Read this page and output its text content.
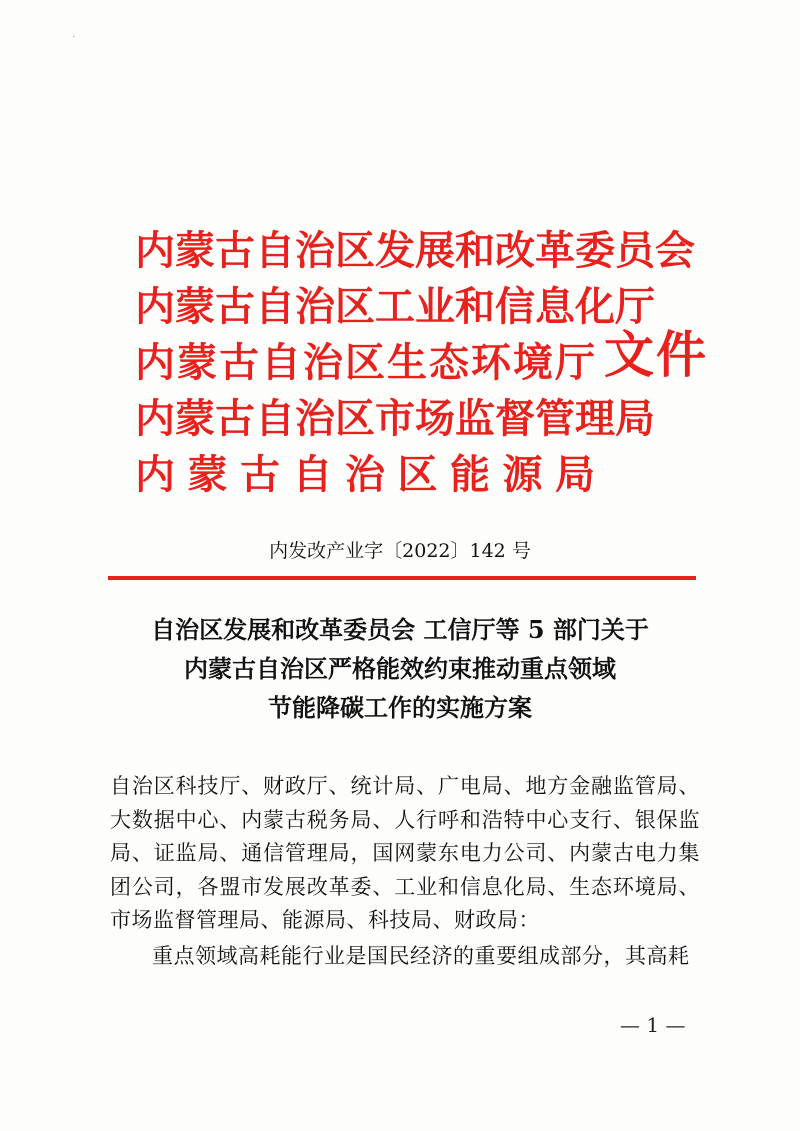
·
内蒙古自治区发展和改革委员会
内蒙古自治区工业和信息化厅
内蒙古自治区生态环境厅
内蒙古自治区市场监督管理局
内蒙古自治区能源局
文件
内发改产业字〔2022〕142 号
自治区发展和改革委员会 工信厅等 5 部门关于
内蒙古自治区严格能效约束推动重点领域
节能降碳工作的实施方案
自治区科技厅、财政厅、统计局、广电局、地方金融监管局、大数据中心、内蒙古税务局、人行呼和浩特中心支行、银保监局、证监局、通信管理局，国网蒙东电力公司、内蒙古电力集团公司，各盟市发展改革委、工业和信息化局、生态环境局、市场监督管理局、能源局、科技局、财政局：
重点领域高耗能行业是国民经济的重要组成部分，其高耗
— 1 —
